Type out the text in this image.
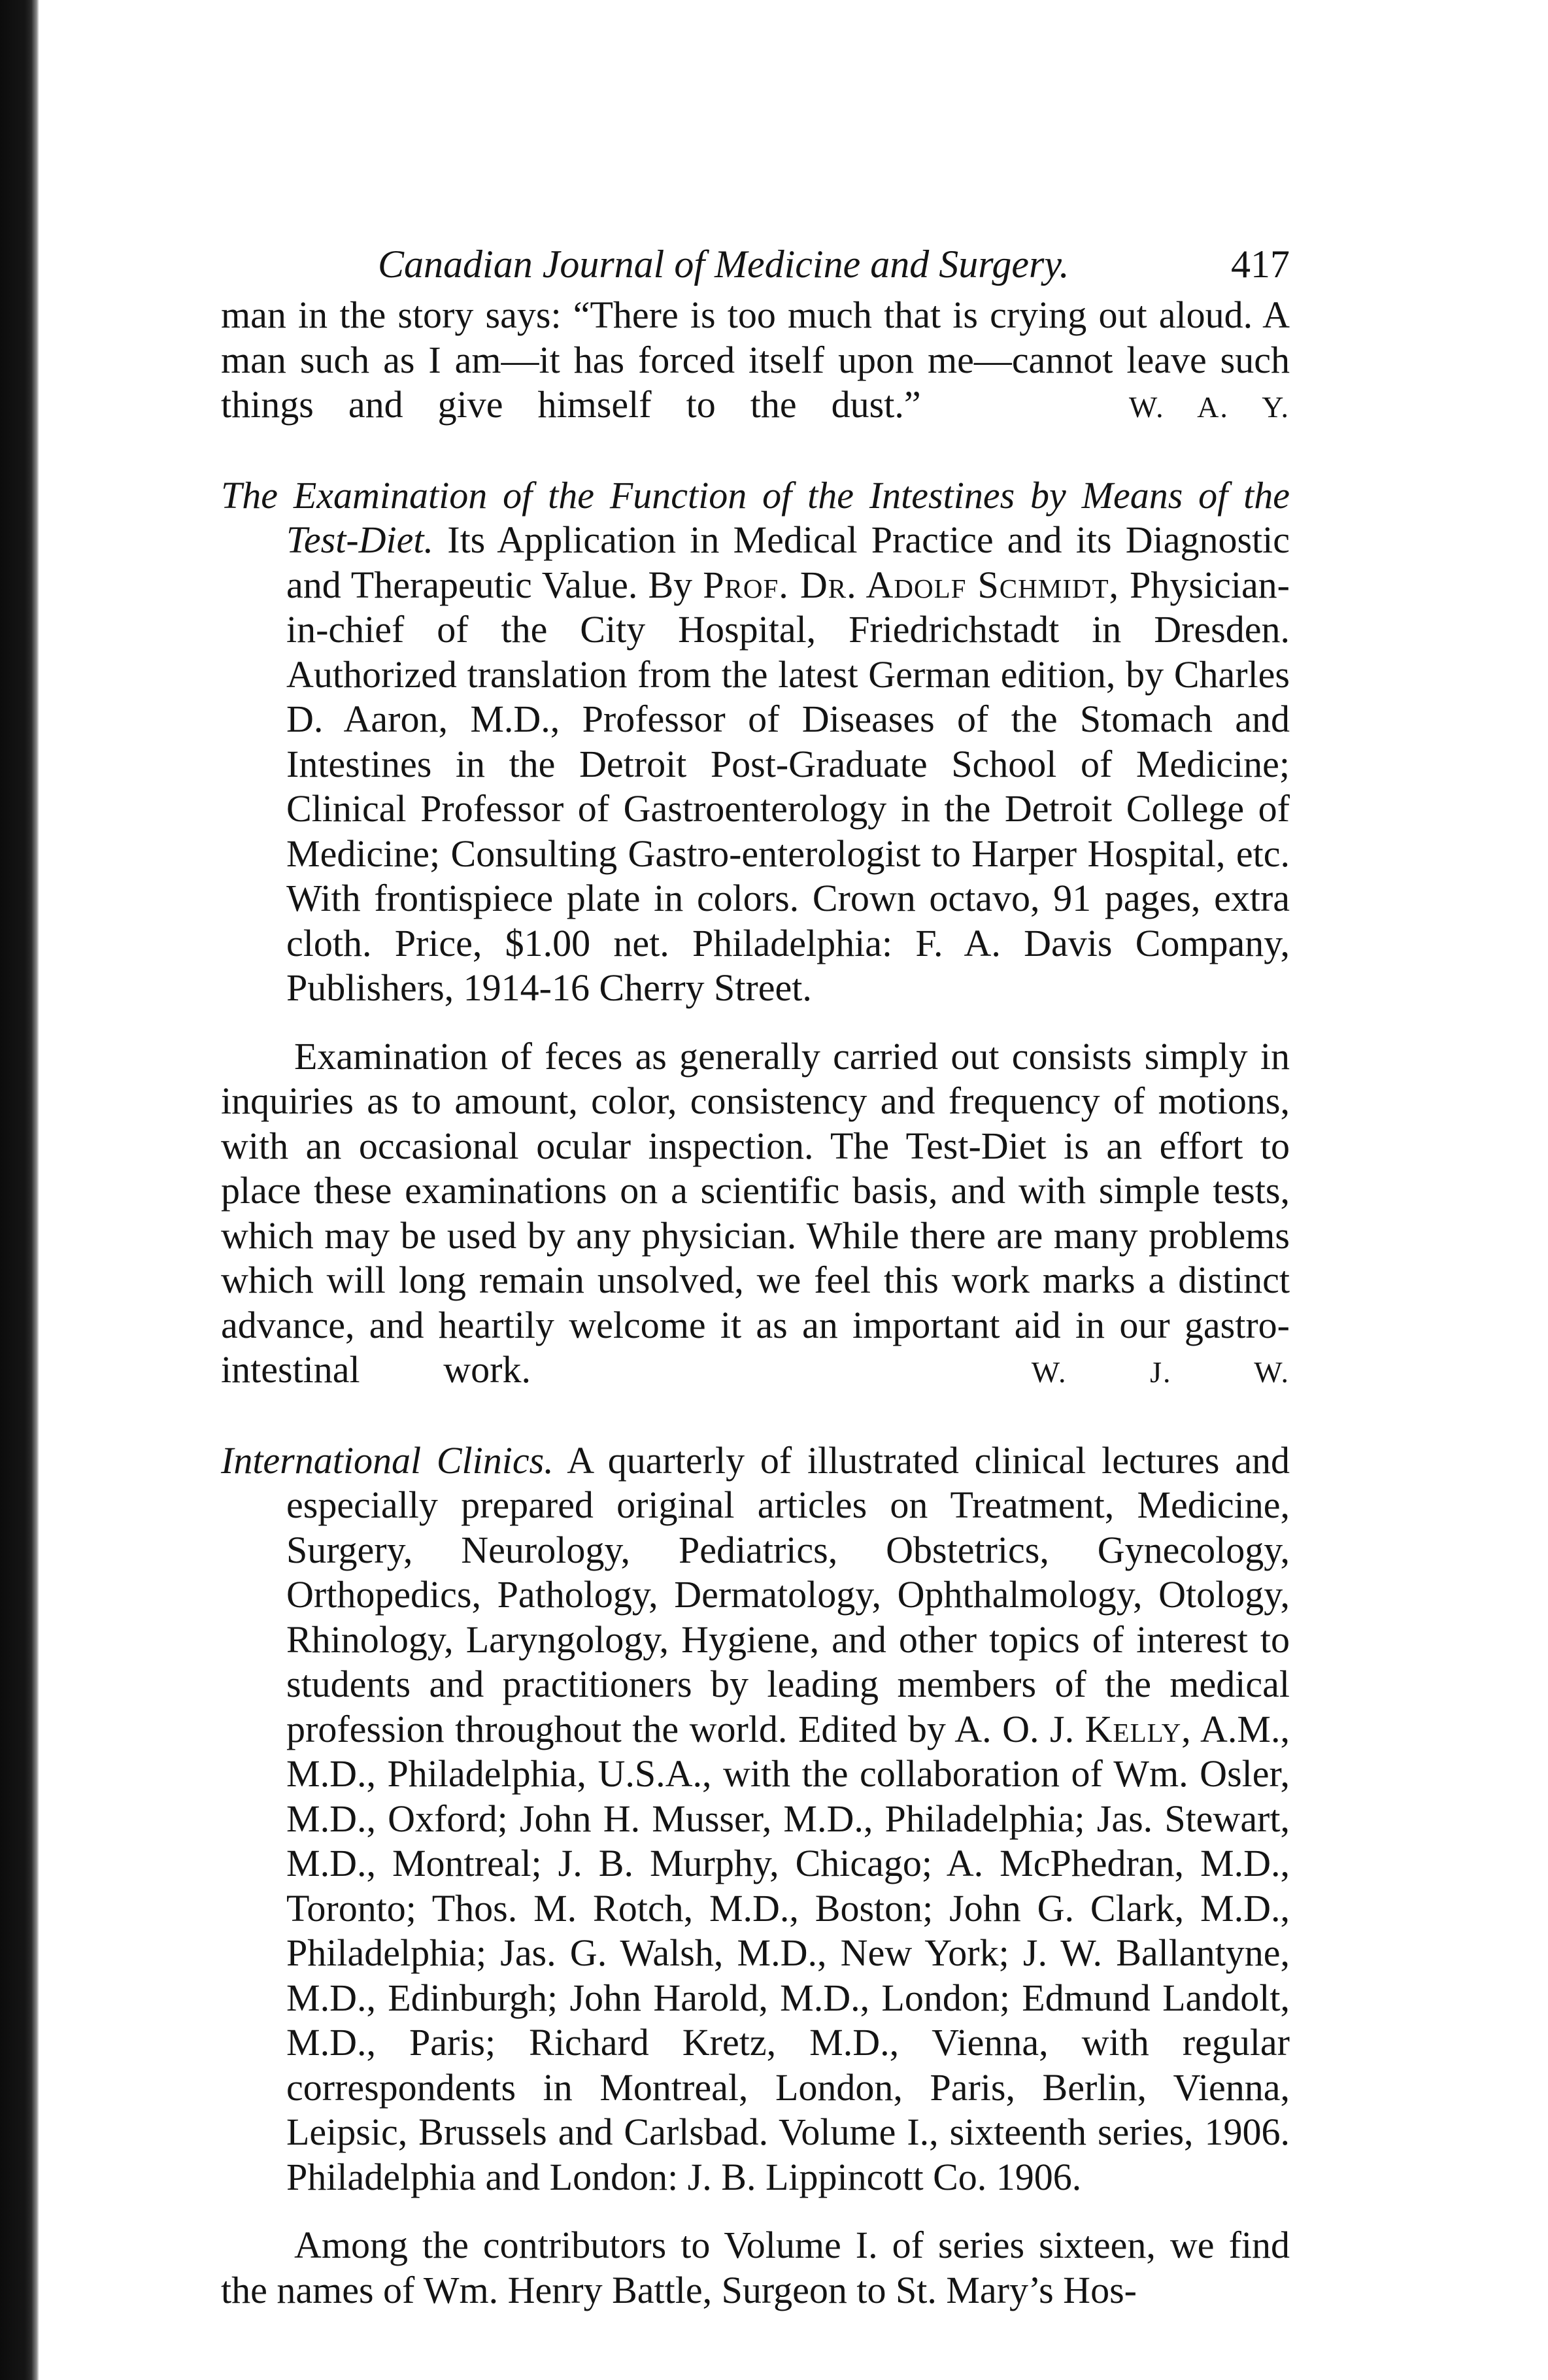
Canadian Journal of Medicine and Surgery.	417

man in the story says: “There is too much that is crying out aloud. A man such as I am—it has forced itself upon me—cannot leave such things and give himself to the dust.”	W. A. Y.

The Examination of the Function of the Intestines by Means of the Test-Diet. Its Application in Medical Practice and its Diagnostic and Therapeutic Value. By Prof. Dr. Adolf Schmidt, Physician-in-chief of the City Hospital, Friedrichstadt in Dresden. Authorized translation from the latest German edition, by Charles D. Aaron, M.D., Professor of Diseases of the Stomach and Intestines in the Detroit Post-Graduate School of Medicine; Clinical Professor of Gastroenterology in the Detroit College of Medicine; Consulting Gastro-enterologist to Harper Hospital, etc. With frontispiece plate in colors. Crown octavo, 91 pages, extra cloth. Price, $1.00 net. Philadelphia: F. A. Davis Company, Publishers, 1914-16 Cherry Street.

Examination of feces as generally carried out consists simply in inquiries as to amount, color, consistency and frequency of motions, with an occasional ocular inspection. The Test-Diet is an effort to place these examinations on a scientific basis, and with simple tests, which may be used by any physician. While there are many problems which will long remain unsolved, we feel this work marks a distinct advance, and heartily welcome it as an important aid in our gastro-intestinal work.	W. J. W.

International Clinics. A quarterly of illustrated clinical lectures and especially prepared original articles on Treatment, Medicine, Surgery, Neurology, Pediatrics, Obstetrics, Gynecology, Orthopedics, Pathology, Dermatology, Ophthalmology, Otology, Rhinology, Laryngology, Hygiene, and other topics of interest to students and practitioners by leading members of the medical profession throughout the world. Edited by A. O. J. Kelly, A.M., M.D., Philadelphia, U.S.A., with the collaboration of Wm. Osler, M.D., Oxford; John H. Musser, M.D., Philadelphia; Jas. Stewart, M.D., Montreal; J. B. Murphy, Chicago; A. McPhedran, M.D., Toronto; Thos. M. Rotch, M.D., Boston; John G. Clark, M.D., Philadelphia; Jas. G. Walsh, M.D., New York; J. W. Ballantyne, M.D., Edinburgh; John Harold, M.D., London; Edmund Landolt, M.D., Paris; Richard Kretz, M.D., Vienna, with regular correspondents in Montreal, London, Paris, Berlin, Vienna, Leipsic, Brussels and Carlsbad. Volume I., sixteenth series, 1906. Philadelphia and London: J. B. Lippincott Co. 1906.

Among the contributors to Volume I. of series sixteen, we find the names of Wm. Henry Battle, Surgeon to St. Mary’s Hos-
